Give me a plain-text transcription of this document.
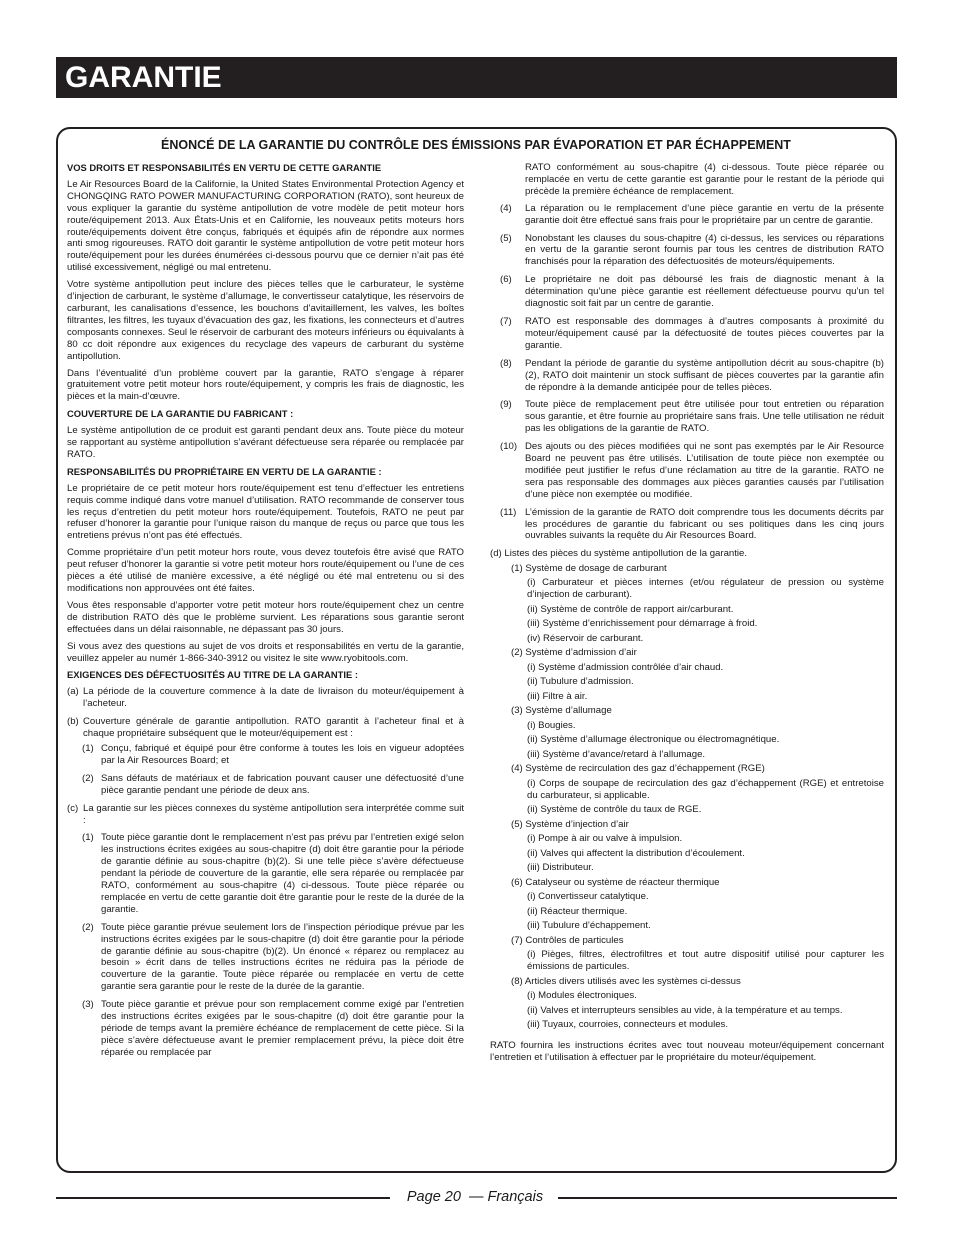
GARANTIE
ÉNONCÉ DE LA GARANTIE DU CONTRÔLE DES ÉMISSIONS PAR ÉVAPORATION ET PAR ÉCHAPPEMENT
VOS DROITS ET RESPONSABILITÉS EN VERTU DE CETTE GARANTIE
Le Air Resources Board de la Californie, la United States Environmental Protection Agency et CHONGQING RATO POWER MANUFACTURING CORPORATION (RATO), sont heureux de vous expliquer la garantie du système antipollution de votre modèle de petit moteur hors route/équipement 2013. Aux États-Unis et en Californie, les nouveaux petits moteurs hors route/équipements doivent être conçus, fabriqués et équipés afin de répondre aux normes anti smog rigoureuses. RATO doit garantir le système antipollution de votre petit moteur hors route/équipement pour les durées énumérées ci-dessous pourvu que ce dernier n’ait pas été utilisé excessivement, négligé ou mal entretenu.
Votre système antipollution peut inclure des pièces telles que le carburateur, le système d’injection de carburant, le système d’allumage, le convertisseur catalytique, les réservoirs de carburant, les canalisations d’essence, les bouchons d’avitaillement, les valves, les boîtes filtrantes, les filtres, les tuyaux d’évacuation des gaz, les fixations, les connecteurs et d’autres composants connexes. Seul le réservoir de carburant des moteurs inférieurs ou équivalants à 80 cc doit répondre aux exigences du recyclage des vapeurs de carburant du système antipollution.
Dans l’éventualité d’un problème couvert par la garantie, RATO s’engage à réparer gratuitement votre petit moteur hors route/équipement, y compris les frais de diagnostic, les pièces et la main-d’œuvre.
COUVERTURE DE LA GARANTIE DU FABRICANT :
Le système antipollution de ce produit est garanti pendant deux ans. Toute pièce du moteur se rapportant au système antipollution s’avérant défectueuse sera réparée ou remplacée par RATO.
RESPONSABILITÉS DU PROPRIÉTAIRE EN VERTU DE LA GARANTIE :
Le propriétaire de ce petit moteur hors route/équipement est tenu d’effectuer les entretiens requis comme indiqué dans votre manuel d’utilisation. RATO recommande de conserver tous les reçus d’entretien du petit moteur hors route/équipement. Toutefois, RATO ne peut par refuser d’honorer la garantie pour l’unique raison du manque de reçus ou parce que tous les entretiens prévus n’ont pas été effectués.
Comme propriétaire d’un petit moteur hors route, vous devez toutefois être avisé que RATO peut refuser d’honorer la garantie si votre petit moteur hors route/équipement ou l’une de ces pièces a été utilisé de manière excessive, a été négligé ou été mal entretenu ou si des modifications non approuvées ont été faites.
Vous êtes responsable d’apporter votre petit moteur hors route/équipement chez un centre de distribution RATO dès que le problème survient. Les réparations sous garantie seront effectuées dans un délai raisonnable, ne dépassant pas 30 jours.
Si vous avez des questions au sujet de vos droits et responsabilités en vertu de la garantie, veuillez appeler au numér 1-866-340-3912 ou visitez le site www.ryobitools.com.
EXIGENCES DES DÉFECTUOSITÉS AU TITRE DE LA GARANTIE :
(a) La période de la couverture commence à la date de livraison du moteur/équipement à l’acheteur.
(b) Couverture générale de garantie antipollution. RATO garantit à l’acheteur final et à chaque propriétaire subséquent que le moteur/équipement est :
(1) Conçu, fabriqué et équipé pour être conforme à toutes les lois en vigueur adoptées par la Air Resources Board; et
(2) Sans défauts de matériaux et de fabrication pouvant causer une défectuosité d’une pièce garantie pendant une période de deux ans.
(c) La garantie sur les pièces connexes du système antipollution sera interprétée comme suit :
(1) Toute pièce garantie dont le remplacement n’est pas prévu par l’entretien exigé selon les instructions écrites exigées au sous-chapitre (d) doit être garantie pour la période de garantie définie au sous-chapitre (b)(2). Si une telle pièce s’avère défectueuse pendant la période de couverture de la garantie, elle sera réparée ou remplacée par RATO, conformément au sous-chapitre (4) ci-dessous. Toute pièce réparée ou remplacée en vertu de cette garantie doit être garantie pour le reste de la durée de la garantie.
(2) Toute pièce garantie prévue seulement lors de l’inspection périodique prévue par les instructions écrites exigées par le sous-chapitre (d) doit être garantie pour la période de garantie définie au sous-chapitre (b)(2). Un énoncé « réparez ou remplacez au besoin » écrit dans de telles instructions écrites ne réduira pas la période de couverture de la garantie. Toute pièce réparée ou remplacée en vertu de cette garantie sera garantie pour le reste de la durée de la garantie.
(3) Toute pièce garantie et prévue pour son remplacement comme exigé par l’entretien des instructions écrites exigées par le sous-chapitre (d) doit être garantie pour la période de temps avant la première échéance de remplacement de cette pièce. Si la pièce s’avère défectueuse avant le premier remplacement prévu, la pièce doit être réparée ou remplacée par
RATO conformément au sous-chapitre (4) ci-dessous. Toute pièce réparée ou remplacée en vertu de cette garantie est garantie pour le restant de la période qui précède la première échéance de remplacement.
(4)	La réparation ou le remplacement d’une pièce garantie en vertu de la présente garantie doit être effectué sans frais pour le propriétaire par un centre de garantie.
(5)	Nonobstant les clauses du sous-chapitre (4) ci-dessus, les services ou réparations en vertu de la garantie seront fournis par tous les centres de distribution RATO franchisés pour la réparation des défectuosités de moteurs/équipements.
(6)	Le propriétaire ne doit pas déboursé les frais de diagnostic menant à la détermination qu’une pièce garantie est réellement défectueuse pourvu qu’un tel diagnostic soit fait par un centre de garantie.
(7)	RATO est responsable des dommages à d’autres composants à proximité du moteur/équipement causé par la défectuosité de toutes pièces couvertes par la garantie.
(8)	Pendant la période de garantie du système antipollution décrit au sous-chapitre (b)(2), RATO doit maintenir un stock suffisant de pièces couvertes par la garantie afin de répondre à la demande anticipée pour de telles pièces.
(9)	Toute pièce de remplacement peut être utilisée pour tout entretien ou réparation sous garantie, et être fournie au propriétaire sans frais. Une telle utilisation ne réduit pas les obligations de la garantie de RATO.
(10) Des ajouts ou des pièces modifiées qui ne sont pas exemptés par le Air Resource Board ne peuvent pas être utilisés. L’utilisation de toute pièce non exemptée ou modifiée peut justifier le refus d’une réclamation au titre de la garantie. RATO ne sera pas responsable des dommages aux pièces garanties causés par l’utilisation d’une pièce non exemptée ou modifiée.
(11) L’émission de la garantie de RATO doit comprendre tous les documents décrits par les procédures de garantie du fabricant ou ses politiques dans les cinq jours ouvrables suivants la requête du Air Resources Board.
(d) Listes des pièces du système antipollution de la garantie.
(1) Système de dosage de carburant
(i) Carburateur et pièces internes (et/ou régulateur de pression ou système d’injection de carburant).
(ii) Système de contrôle de rapport air/carburant.
(iii) Système d’enrichissement pour démarrage à froid.
(iv) Réservoir de carburant.
(2) Système d’admission d’air
(i) Système d’admission contrôlée d’air chaud.
(ii) Tubulure d’admission.
(iii) Filtre à air.
(3) Système d’allumage
(i) Bougies.
(ii) Système d’allumage électronique ou électromagnétique.
(iii) Système d’avance/retard à l’allumage.
(4) Système de recirculation des gaz d’échappement (RGE)
(i) Corps de soupape de recirculation des gaz d’échappement (RGE) et entretoise du carburateur, si applicable.
(ii) Système de contrôle du taux de RGE.
(5) Système d’injection d’air
(i) Pompe à air ou valve à impulsion.
(ii) Valves qui affectent la distribution d’écoulement.
(iii) Distributeur.
(6) Catalyseur ou système de réacteur thermique
(i) Convertisseur catalytique.
(ii) Réacteur thermique.
(iii) Tubulure d’échappement.
(7) Contrôles de particules
(i) Pièges, filtres, électrofiltres et tout autre dispositif utilisé pour capturer les émissions de particules.
(8) Articles divers utilisés avec les systèmes ci-dessus
(i) Modules électroniques.
(ii) Valves et interrupteurs sensibles au vide, à la température et au temps.
(iii) Tuyaux, courroies, connecteurs et modules.
RATO fournira les instructions écrites avec tout nouveau moteur/équipement concernant l’entretien et l’utilisation à effectuer par le propriétaire du moteur/équipement.
Page 20  — Français
